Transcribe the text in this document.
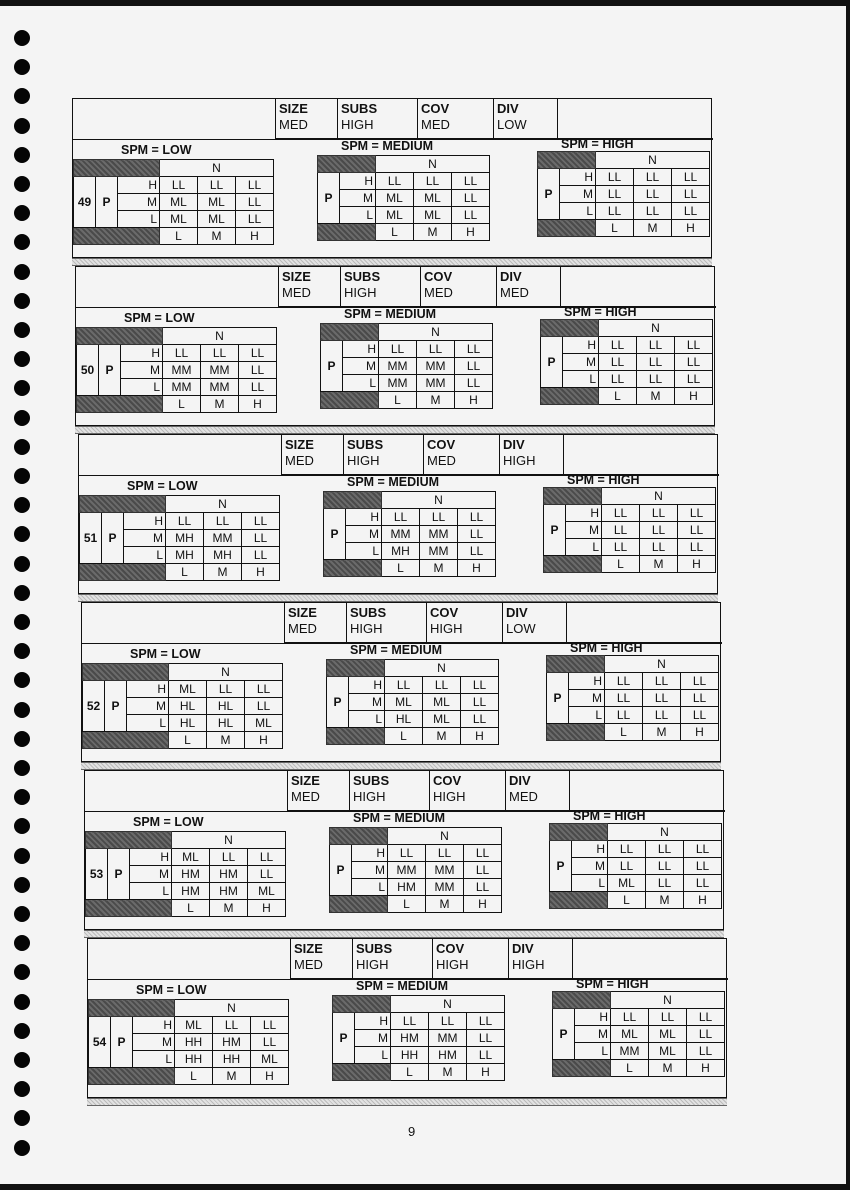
SIZE
MED
SUBS
HIGH
COV
MED
DIV
LOW
SPM = LOW	SPM = MEDIUM	SPM = HIGH
			N		
49	P	H	LL	LL	LL
		M	ML	ML	LL
		L	ML	ML	LL
			L	M	H
		N		
P	H	LL	LL	LL
	M	ML	ML	LL
	L	ML	ML	LL
		L	M	H
		N		
P	H	LL	LL	LL
	M	LL	LL	LL
	L	LL	LL	LL
		L	M	H
SIZE
MED
SUBS
HIGH
COV
MED
DIV
MED
SPM = LOW	SPM = MEDIUM	SPM = HIGH
			N		
50	P	H	LL	LL	LL
		M	MM	MM	LL
		L	MM	MM	LL
			L	M	H
		N		
P	H	LL	LL	LL
	M	MM	MM	LL
	L	MM	MM	LL
		L	M	H
		N		
P	H	LL	LL	LL
	M	LL	LL	LL
	L	LL	LL	LL
		L	M	H
SIZE
MED
SUBS
HIGH
COV
MED
DIV
HIGH
SPM = LOW	SPM = MEDIUM	SPM = HIGH
			N		
51	P	H	LL	LL	LL
		M	MH	MM	LL
		L	MH	MH	LL
			L	M	H
		N		
P	H	LL	LL	LL
	M	MM	MM	LL
	L	MH	MM	LL
		L	M	H
		N		
P	H	LL	LL	LL
	M	LL	LL	LL
	L	LL	LL	LL
		L	M	H
SIZE
MED
SUBS
HIGH
COV
HIGH
DIV
LOW
SPM = LOW	SPM = MEDIUM	SPM = HIGH
			N		
52	P	H	ML	LL	LL
		M	HL	HL	LL
		L	HL	HL	ML
			L	M	H
		N		
P	H	LL	LL	LL
	M	ML	ML	LL
	L	HL	ML	LL
		L	M	H
		N		
P	H	LL	LL	LL
	M	LL	LL	LL
	L	LL	LL	LL
		L	M	H
SIZE
MED
SUBS
HIGH
COV
HIGH
DIV
MED
SPM = LOW	SPM = MEDIUM	SPM = HIGH
			N		
53	P	H	ML	LL	LL
		M	HM	HM	LL
		L	HM	HM	ML
			L	M	H
		N		
P	H	LL	LL	LL
	M	MM	MM	LL
	L	HM	MM	LL
		L	M	H
		N		
P	H	LL	LL	LL
	M	LL	LL	LL
	L	ML	LL	LL
		L	M	H
SIZE
MED
SUBS
HIGH
COV
HIGH
DIV
HIGH
SPM = LOW	SPM = MEDIUM	SPM = HIGH
			N		
54	P	H	ML	LL	LL
		M	HH	HM	LL
		L	HH	HH	ML
			L	M	H
		N		
P	H	LL	LL	LL
	M	HM	MM	LL
	L	HH	HM	LL
		L	M	H
		N		
P	H	LL	LL	LL
	M	ML	ML	LL
	L	MM	ML	LL
		L	M	H
9
